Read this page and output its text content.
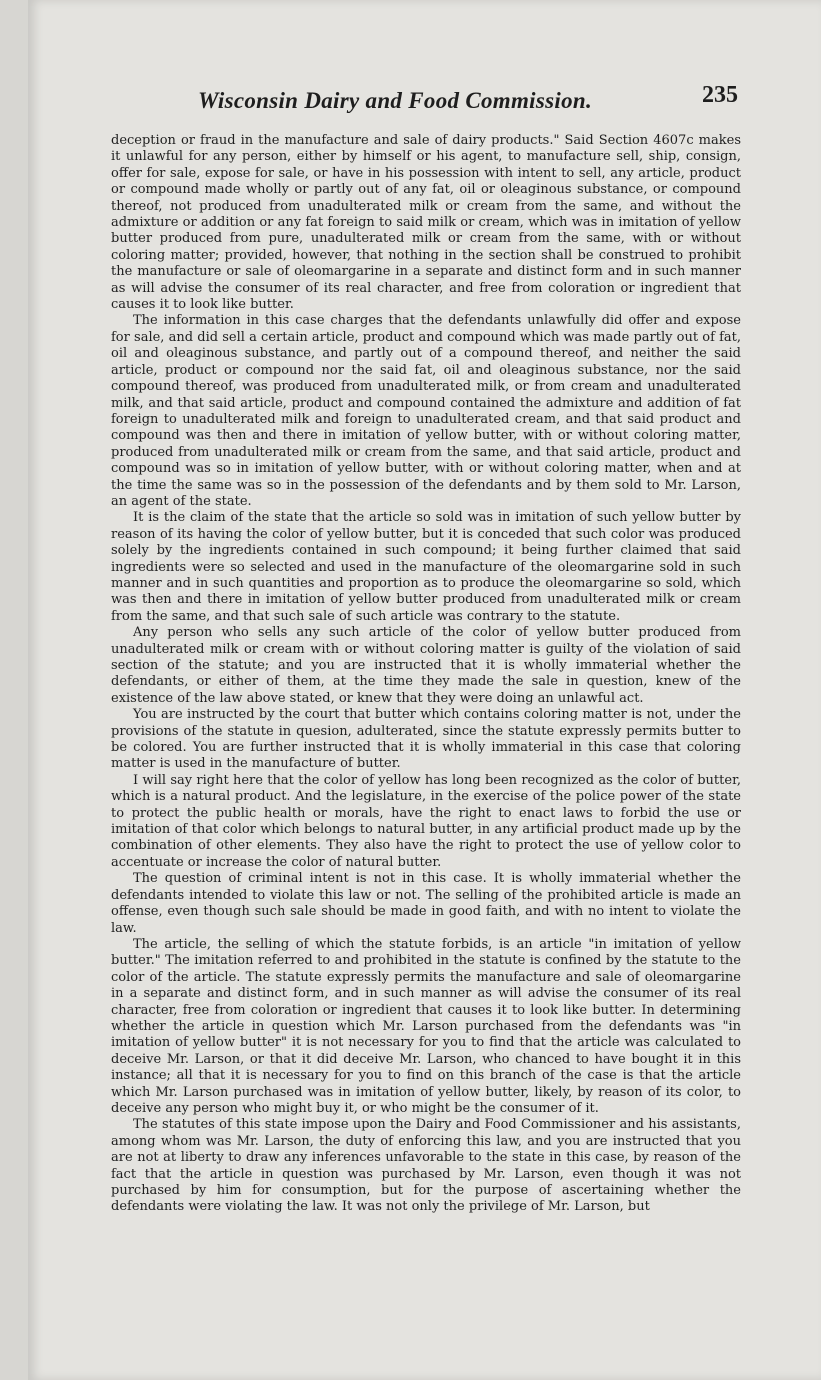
Wisconsin Dairy and Food Commission.	235

deception or fraud in the manufacture and sale of dairy products." Said Section 4607c makes it unlawful for any person, either by himself or his agent, to manufacture sell, ship, consign, offer for sale, expose for sale, or have in his possession with intent to sell, any article, product or compound made wholly or partly out of any fat, oil or oleaginous substance, or compound thereof, not produced from unadulterated milk or cream from the same, and without the admixture or addition or any fat foreign to said milk or cream, which was in imitation of yellow butter produced from pure, unadulterated milk or cream from the same, with or without coloring matter; provided, however, that nothing in the section shall be construed to prohibit the manufacture or sale of oleomargarine in a separate and distinct form and in such manner as will advise the consumer of its real character, and free from coloration or ingredient that causes it to look like butter.

The information in this case charges that the defendants unlawfully did offer and expose for sale, and did sell a certain article, product and compound which was made partly out of fat, oil and oleaginous substance, and partly out of a compound thereof, and neither the said article, product or compound nor the said fat, oil and oleaginous substance, nor the said compound thereof, was produced from unadulterated milk, or from cream and unadulterated milk, and that said article, product and compound contained the admixture and addition of fat foreign to unadulterated milk and foreign to unadulterated cream, and that said product and compound was then and there in imitation of yellow butter, with or without coloring matter, produced from unadulterated milk or cream from the same, and that said article, product and compound was so in imitation of yellow butter, with or without coloring matter, when and at the time the same was so in the possession of the defendants and by them sold to Mr. Larson, an agent of the state.

It is the claim of the state that the article so sold was in imitation of such yellow butter by reason of its having the color of yellow butter, but it is conceded that such color was produced solely by the ingredients contained in such compound; it being further claimed that said ingredients were so selected and used in the manufacture of the oleomargarine sold in such manner and in such quantities and proportion as to produce the oleomargarine so sold, which was then and there in imitation of yellow butter produced from unadulterated milk or cream from the same, and that such sale of such article was contrary to the statute.

Any person who sells any such article of the color of yellow butter produced from unadulterated milk or cream with or without coloring matter is guilty of the violation of said section of the statute; and you are instructed that it is wholly immaterial whether the defendants, or either of them, at the time they made the sale in question, knew of the existence of the law above stated, or knew that they were doing an unlawful act.

You are instructed by the court that butter which contains coloring matter is not, under the provisions of the statute in quesion, adulterated, since the statute expressly permits butter to be colored. You are further instructed that it is wholly immaterial in this case that coloring matter is used in the manufacture of butter.

I will say right here that the color of yellow has long been recognized as the color of butter, which is a natural product. And the legislature, in the exercise of the police power of the state to protect the public health or morals, have the right to enact laws to forbid the use or imitation of that color which belongs to natural butter, in any artificial product made up by the combination of other elements. They also have the right to protect the use of yellow color to accentuate or increase the color of natural butter.

The question of criminal intent is not in this case. It is wholly immaterial whether the defendants intended to violate this law or not. The selling of the prohibited article is made an offense, even though such sale should be made in good faith, and with no intent to violate the law.

The article, the selling of which the statute forbids, is an article "in imitation of yellow butter." The imitation referred to and prohibited in the statute is confined by the statute to the color of the article. The statute expressly permits the manufacture and sale of oleomargarine in a separate and distinct form, and in such manner as will advise the consumer of its real character, free from coloration or ingredient that causes it to look like butter. In determining whether the article in question which Mr. Larson purchased from the defendants was "in imitation of yellow butter" it is not necessary for you to find that the article was calculated to deceive Mr. Larson, or that it did deceive Mr. Larson, who chanced to have bought it in this instance; all that it is necessary for you to find on this branch of the case is that the article which Mr. Larson purchased was in imitation of yellow butter, likely, by reason of its color, to deceive any person who might buy it, or who might be the consumer of it.

The statutes of this state impose upon the Dairy and Food Commissioner and his assistants, among whom was Mr. Larson, the duty of enforcing this law, and you are instructed that you are not at liberty to draw any inferences unfavorable to the state in this case, by reason of the fact that the article in question was purchased by Mr. Larson, even though it was not purchased by him for consumption, but for the purpose of ascertaining whether the defendants were violating the law. It was not only the privilege of Mr. Larson, but
